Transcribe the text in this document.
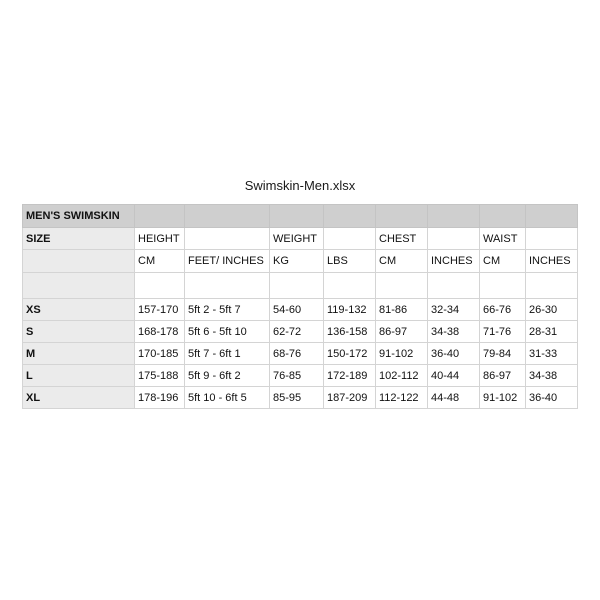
Swimskin-Men.xlsx
MEN'S SWIMSKIN								
SIZE	HEIGHT		WEIGHT		CHEST		WAIST	
	CM	FEET/ INCHES	KG	LBS	CM	INCHES	CM	INCHES

XS	157-170	5ft 2 - 5ft 7	54-60	119-132	81-86	32-34	66-76	26-30
S	168-178	5ft 6 - 5ft 10	62-72	136-158	86-97	34-38	71-76	28-31
M	170-185	5ft 7 - 6ft 1	68-76	150-172	91-102	36-40	79-84	31-33
L	175-188	5ft 9 - 6ft 2	76-85	172-189	102-112	40-44	86-97	34-38
XL	178-196	5ft 10 - 6ft 5	85-95	187-209	112-122	44-48	91-102	36-40
